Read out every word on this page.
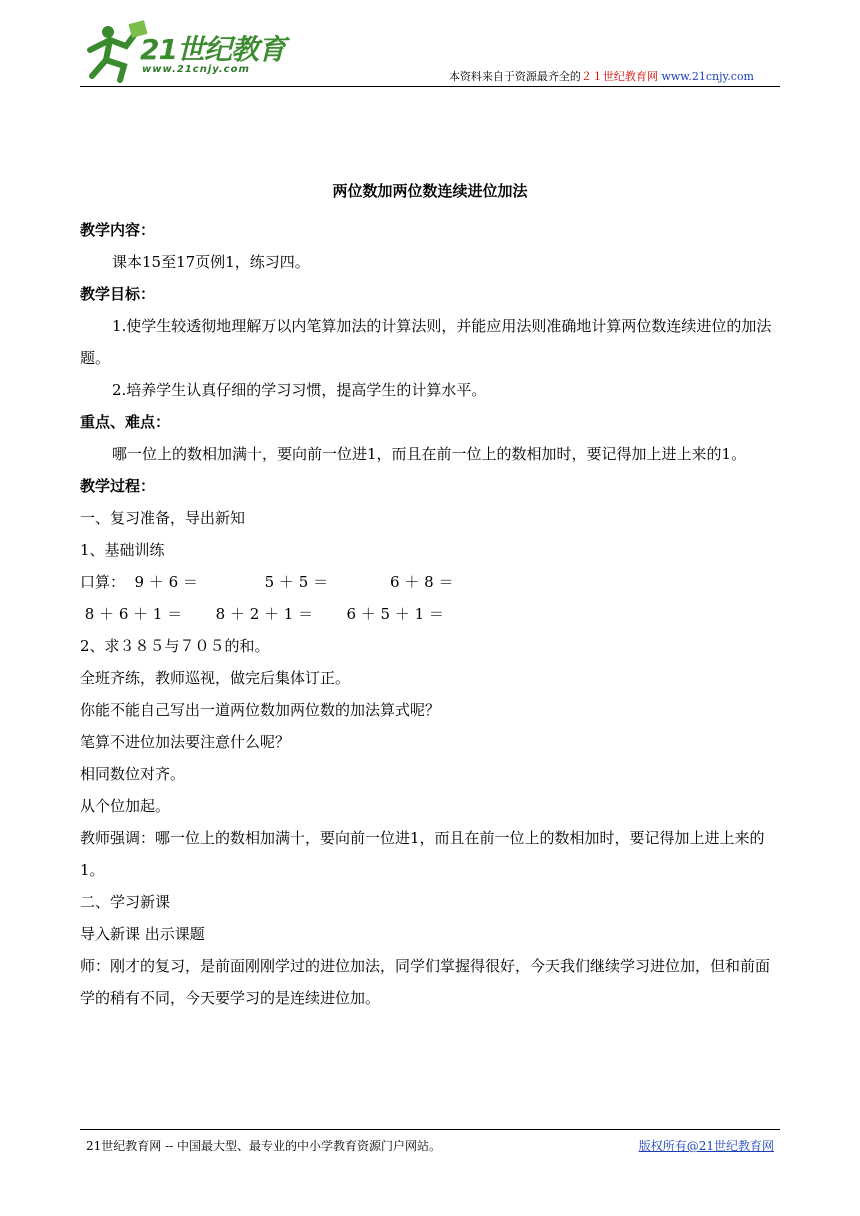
21世纪教育
www.21cnjy.com
本资料来自于资源最齐全的２１世纪教育网 www.21cnjy.com
两位数加两位数连续进位加法

教学内容：

课本15至17页例1，练习四。

教学目标：

1.使学生较透彻地理解万以内笔算加法的计算法则，并能应用法则准确地计算两位数连续进位的加法题。

2.培养学生认真仔细的学习习惯，提高学生的计算水平。

重点、难点：

哪一位上的数相加满十，要向前一位进1，而且在前一位上的数相加时，要记得加上进上来的1。

教学过程：

一、复习准备，导出新知

1、基础训练

口算：  9 ＋ 6 ＝              5 ＋ 5 ＝             6 ＋ 8 ＝

8 ＋ 6 ＋ 1 ＝       8 ＋ 2 ＋ 1 ＝       6 ＋ 5 ＋ 1 ＝

2、求３８５与７０５的和。

全班齐练，教师巡视，做完后集体订正。

你能不能自己写出一道两位数加两位数的加法算式呢？

笔算不进位加法要注意什么呢？

相同数位对齐。

从个位加起。

教师强调：哪一位上的数相加满十，要向前一位进1，而且在前一位上的数相加时，要记得加上进上来的1。

二、学习新课

导入新课 出示课题

师：刚才的复习，是前面刚刚学过的进位加法，同学们掌握得很好，今天我们继续学习进位加，但和前面学的稍有不同，今天要学习的是连续进位加。

21世纪教育网 -- 中国最大型、最专业的中小学教育资源门户网站。	版权所有@21世纪教育网
